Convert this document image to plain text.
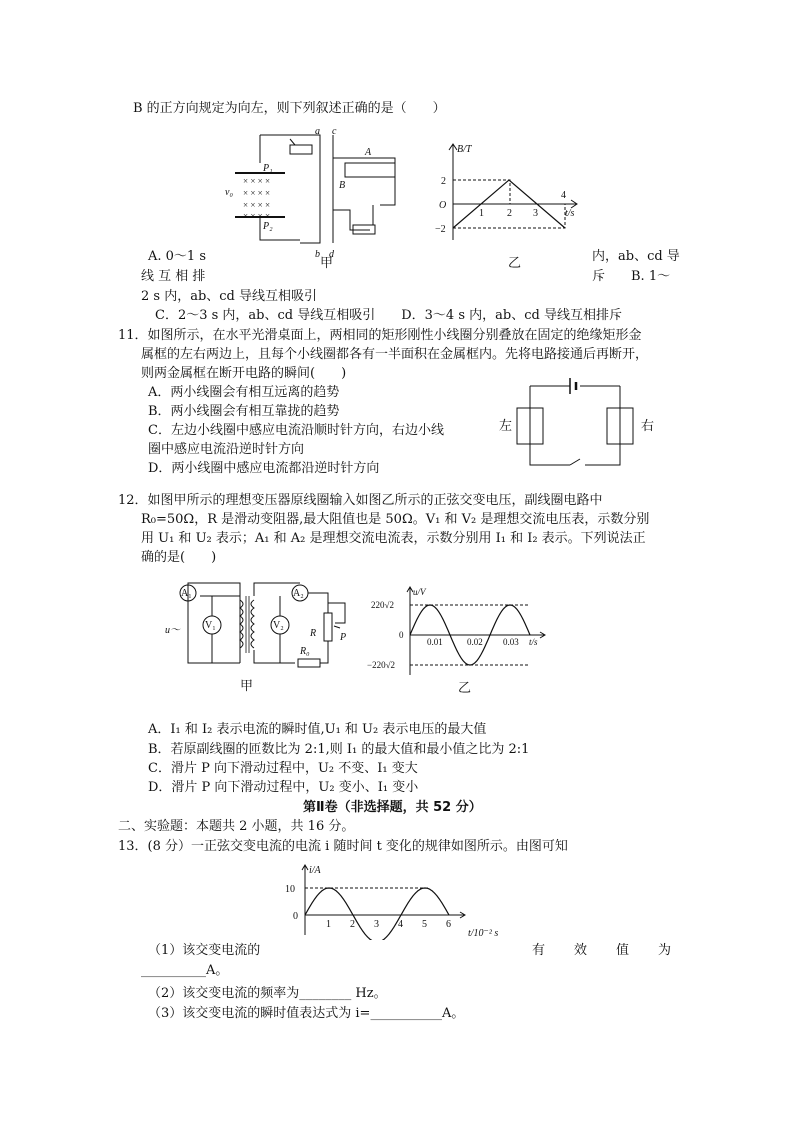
B 的正方向规定为向左，则下列叙述正确的是（　　）
a c
b d
A
B
P₁
P₂
v₀
× × × ×
× × × ×
× × × ×
× × × ×
B/T
t/s
2
−2
O
1 2 3
4
甲	乙
A. 0～1 s	内，ab、cd 导
线 互 相 排	斥　　B. 1～
2 s 内，ab、cd 导线互相吸引
C．2～3 s 内，ab、cd 导线互相吸引　　D．3～4 s 内，ab、cd 导线互相排斥
11．如图所示，在水平光滑桌面上，两相同的矩形刚性小线圈分别叠放在固定的绝缘矩形金
属框的左右两边上，且每个小线圈都各有一半面积在金属框内。先将电路接通后再断开，
则两金属框在断开电路的瞬间(　　)
A．两小线圈会有相互远离的趋势
B．两小线圈会有相互靠拢的趋势
C．左边小线圈中感应电流沿顺时针方向，右边小线
圈中感应电流沿逆时针方向
D．两小线圈中感应电流都沿逆时针方向
左	右
12．如图甲所示的理想变压器原线圈输入如图乙所示的正弦交变电压，副线圈电路中
R₀=50Ω，R 是滑动变阻器,最大阻值也是 50Ω。V₁ 和 V₂ 是理想交流电压表，示数分别
用 U₁ 和 U₂ 表示；A₁ 和 A₂ 是理想交流电流表，示数分别用 I₁ 和 I₂ 表示。下列说法正
确的是(　　)
A₁
V₁
A₂
V₂
u～	R
R₀
P
甲
u/V
220√2
−220√2
0
0.01	0.02 0.03 t/s
乙
A．I₁ 和 I₂ 表示电流的瞬时值,U₁ 和 U₂ 表示电压的最大值
B．若原副线圈的匝数比为 2:1,则 I₁ 的最大值和最小值之比为 2:1
C．滑片 P 向下滑动过程中，U₂ 不变、I₁ 变大
D．滑片 P 向下滑动过程中，U₂ 变小、I₁ 变小
第Ⅱ卷（非选择题，共 52 分）
二、实验题：本题共 2 小题，共 16 分。
13．(8 分）一正弦交变电流的电流 i 随时间 t 变化的规律如图所示。由图可知
i/A
10
0
1 2 3 4 5 6
t/10⁻² s
（1）该交变电流的	有　　效　　值　　为
__________A。
（2）该交变电流的频率为________ Hz。
（3）该交变电流的瞬时值表达式为 i=___________A。
